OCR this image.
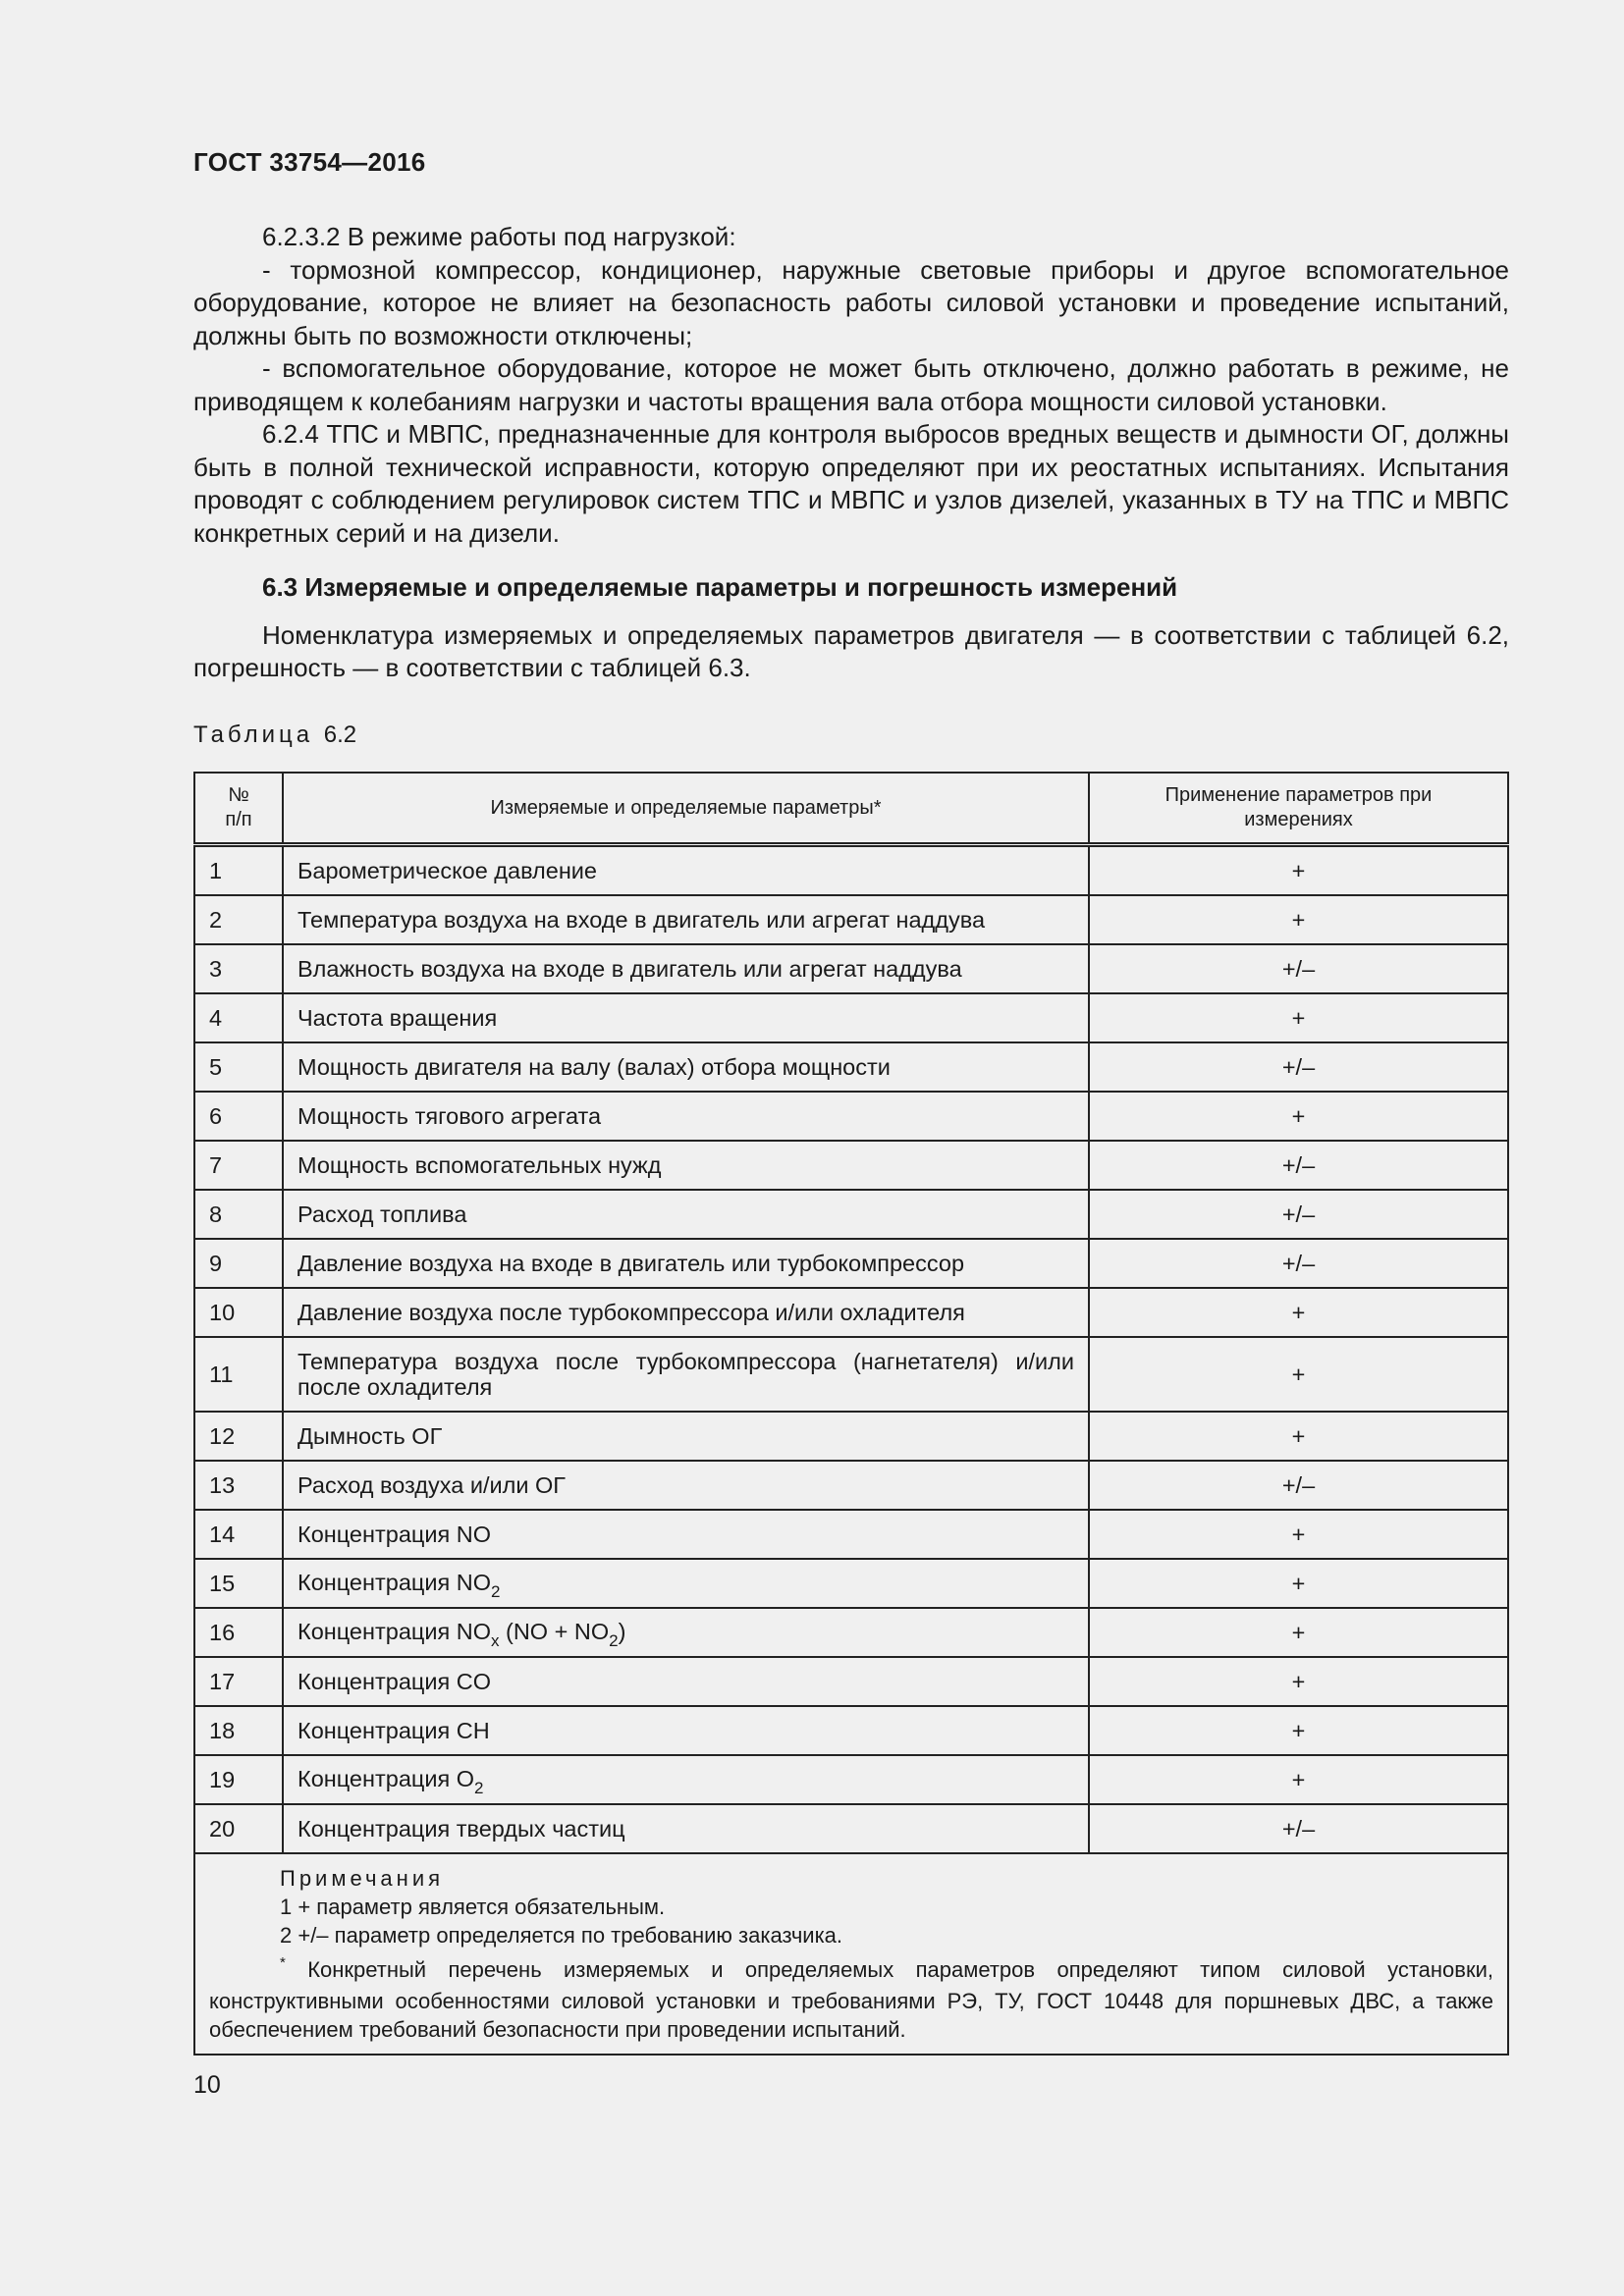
ГОСТ 33754—2016

6.2.3.2 В режиме работы под нагрузкой:

- тормозной компрессор, кондиционер, наружные световые приборы и другое вспомогательное оборудование, которое не влияет на безопасность работы силовой установки и проведение испытаний, должны быть по возможности отключены;

- вспомогательное оборудование, которое не может быть отключено, должно работать в режиме, не приводящем к колебаниям нагрузки и частоты вращения вала отбора мощности силовой установки.

6.2.4 ТПС и МВПС, предназначенные для контроля выбросов вредных веществ и дымности ОГ, должны быть в полной технической исправности, которую определяют при их реостатных испытаниях. Испытания проводят с соблюдением регулировок систем ТПС и МВПС и узлов дизелей, указанных в ТУ на ТПС и МВПС конкретных серий и на дизели.

6.3 Измеряемые и определяемые параметры и погрешность измерений

Номенклатура измеряемых и определяемых параметров двигателя — в соответствии с таблицей 6.2, погрешность — в соответствии с таблицей 6.3.

Таблица 6.2
№ п/п	Измеряемые и определяемые параметры*	Применение параметров при измерениях
1	Барометрическое давление	+
2	Температура воздуха на входе в двигатель или агрегат наддува	+
3	Влажность воздуха на входе в двигатель или агрегат наддува	+/–
4	Частота вращения	+
5	Мощность двигателя на валу (валах) отбора мощности	+/–
6	Мощность тягового агрегата	+
7	Мощность вспомогательных нужд	+/–
8	Расход топлива	+/–
9	Давление воздуха на входе в двигатель или турбокомпрессор	+/–
10	Давление воздуха после турбокомпрессора и/или охладителя	+
11	Температура воздуха после турбокомпрессора (нагнетателя) и/или после охладителя	+
12	Дымность ОГ	+
13	Расход воздуха и/или ОГ	+/–
14	Концентрация NO	+
15	Концентрация $NO_2$	+
16	Концентрация $NO_x$ $(NO + NO_2)$	+
17	Концентрация CO	+
18	Концентрация CH	+
19	Концентрация $O_2$	+
20	Концентрация твердых частиц	+/–

Примечания
1 + параметр является обязательным.
2 +/– параметр определяется по требованию заказчика.
* Конкретный перечень измеряемых и определяемых параметров определяют типом силовой установки, конструктивными особенностями силовой установки и требованиями РЭ, ТУ, ГОСТ 10448 для поршневых ДВС, а также обеспечением требований безопасности при проведении испытаний.		
10
